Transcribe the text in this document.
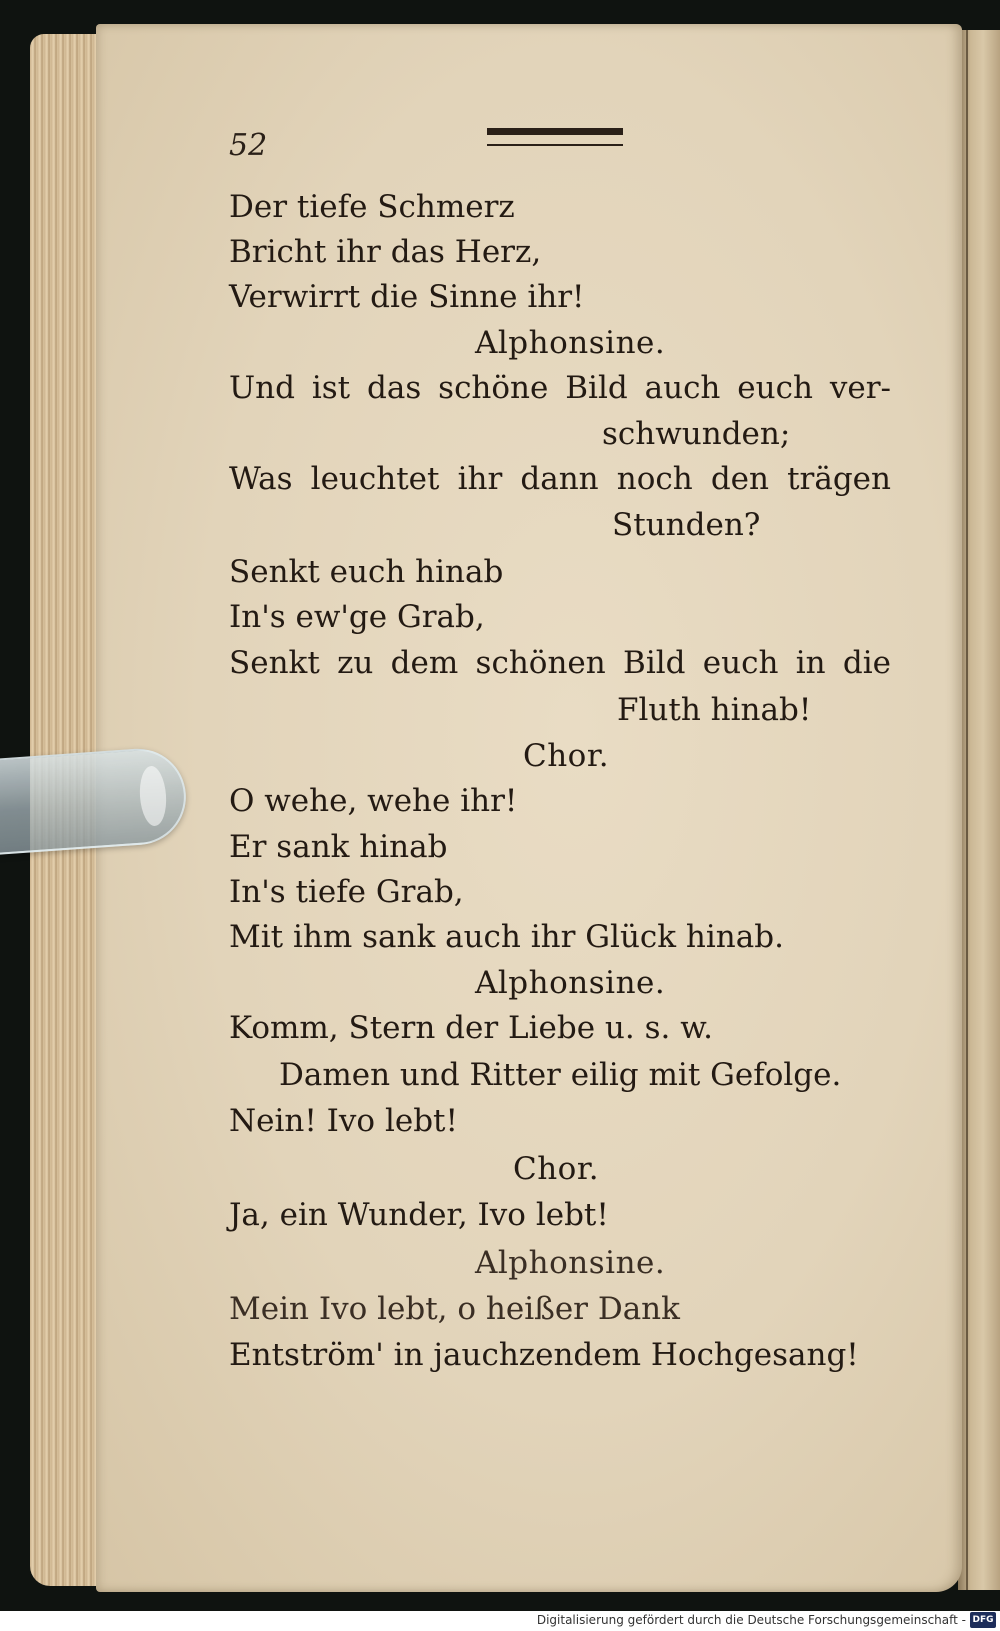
52
Der tiefe Schmerz
Bricht ihr das Herz,
Verwirrt die Sinne ihr!
Alphonsine.
Und ist das schöne Bild auch euch ver-
schwunden;
Was leuchtet ihr dann noch den trägen
Stunden?
Senkt euch hinab
In's ew'ge Grab,
Senkt zu dem schönen Bild euch in die
Fluth hinab!
Chor.
O wehe, wehe ihr!
Er sank hinab
In's tiefe Grab,
Mit ihm sank auch ihr Glück hinab.
Alphonsine.
Komm, Stern der Liebe u. s. w.
Damen und Ritter eilig mit Gefolge.
Nein! Ivo lebt!
Chor.
Ja, ein Wunder, Ivo lebt!
Alphonsine.
Mein Ivo lebt, o heißer Dank
Entström' in jauchzendem Hochgesang!
Digitalisierung gefördert durch die Deutsche Forschungsgemeinschaft - DFG
